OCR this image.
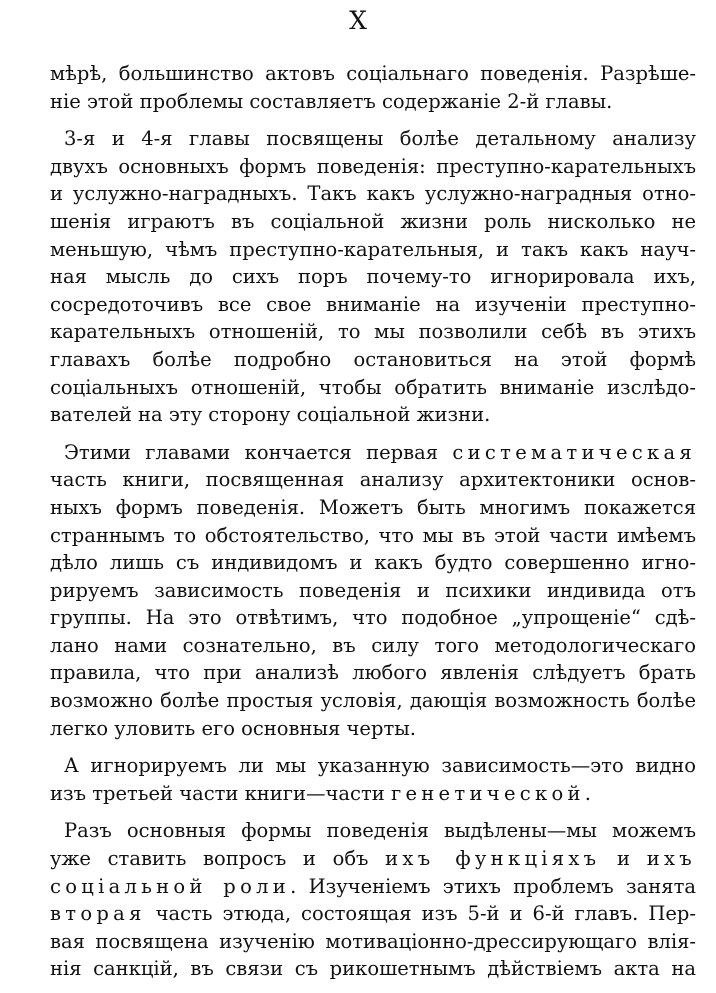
X
мѣрѣ, большинство актовъ соціальнаго поведенія. Разрѣше-
ніе этой проблемы составляетъ содержаніе 2-й главы.
3-я и 4-я главы посвящены болѣе детальному анализу
двухъ основныхъ формъ поведенія: преступно-карательныхъ
и услужно-наградныхъ. Такъ какъ услужно-наградныя отно-
шенія играютъ въ соціальной жизни роль нисколько не
меньшую, чѣмъ преступно-карательныя, и такъ какъ науч-
ная мысль до сихъ поръ почему-то игнорировала ихъ,
сосредоточивъ все свое вниманіе на изученіи преступно-
карательныхъ отношеній, то мы позволили себѣ въ этихъ
главахъ болѣе подробно остановиться на этой формѣ
соціальныхъ отношеній, чтобы обратить вниманіе изслѣдо-
вателей на эту сторону соціальной жизни.
Этими главами кончается первая систематическая
часть книги, посвященная анализу архитектоники основ-
ныхъ формъ поведенія. Можетъ быть многимъ покажется
страннымъ то обстоятельство, что мы въ этой части имѣемъ
дѣло лишь съ индивидомъ и какъ будто совершенно игно-
рируемъ зависимость поведенія и психики индивида отъ
группы. На это отвѣтимъ, что подобное „упрощеніе“ сдѣ-
лано нами сознательно, въ силу того методологическаго
правила, что при анализѣ любого явленія слѣдуетъ брать
возможно болѣе простыя условія, дающія возможность болѣе
легко уловить его основныя черты.
А игнорируемъ ли мы указанную зависимость—это видно
изъ третьей части книги—части генетической.
Разъ основныя формы поведенія выдѣлены—мы можемъ
уже ставить вопросъ и объ ихъ функціяхъ и ихъ
соціальной роли. Изученіемъ этихъ проблемъ занята
вторая часть этюда, состоящая изъ 5-й и 6-й главъ. Пер-
вая посвящена изученію мотиваціонно-дрессирующаго влія-
нія санкцій, въ связи съ рикошетнымъ дѣйствіемъ акта на
